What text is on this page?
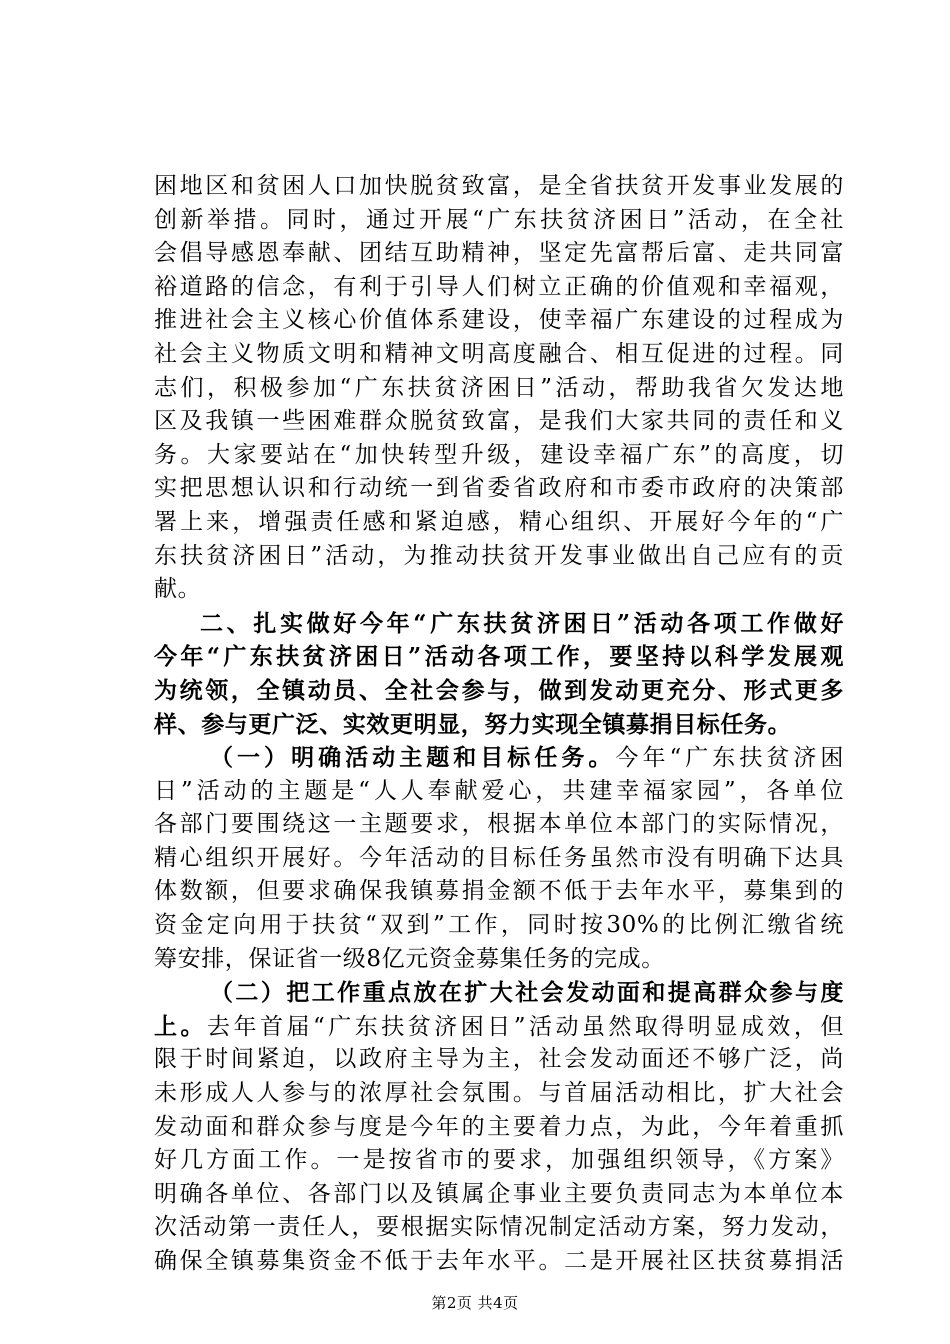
困地区和贫困人口加快脱贫致富，是全省扶贫开发事业发展的
创新举措。同时，通过开展“广东扶贫济困日”活动，在全社
会倡导感恩奉献、团结互助精神，坚定先富帮后富、走共同富
裕道路的信念，有利于引导人们树立正确的价值观和幸福观，
推进社会主义核心价值体系建设，使幸福广东建设的过程成为
社会主义物质文明和精神文明高度融合、相互促进的过程。同
志们，积极参加“广东扶贫济困日”活动，帮助我省欠发达地
区及我镇一些困难群众脱贫致富，是我们大家共同的责任和义
务。大家要站在“加快转型升级，建设幸福广东”的高度，切
实把思想认识和行动统一到省委省政府和市委市政府的决策部
署上来，增强责任感和紧迫感，精心组织、开展好今年的“广
东扶贫济困日”活动，为推动扶贫开发事业做出自己应有的贡
献。
二、扎实做好今年“广东扶贫济困日”活动各项工作做好
今年“广东扶贫济困日”活动各项工作，要坚持以科学发展观
为统领，全镇动员、全社会参与，做到发动更充分、形式更多
样、参与更广泛、实效更明显，努力实现全镇募捐目标任务。
（一）明确活动主题和目标任务。今年“广东扶贫济困
日”活动的主题是“人人奉献爱心，共建幸福家园”，各单位
各部门要围绕这一主题要求，根据本单位本部门的实际情况，
精心组织开展好。今年活动的目标任务虽然市没有明确下达具
体数额，但要求确保我镇募捐金额不低于去年水平，募集到的
资金定向用于扶贫“双到”工作，同时按30%的比例汇缴省统
筹安排，保证省一级8亿元资金募集任务的完成。
（二）把工作重点放在扩大社会发动面和提高群众参与度
上。去年首届“广东扶贫济困日”活动虽然取得明显成效，但
限于时间紧迫，以政府主导为主，社会发动面还不够广泛，尚
未形成人人参与的浓厚社会氛围。与首届活动相比，扩大社会
发动面和群众参与度是今年的主要着力点，为此，今年着重抓
好几方面工作。一是按省市的要求，加强组织领导，《方案》
明确各单位、各部门以及镇属企事业主要负责同志为本单位本
次活动第一责任人，要根据实际情况制定活动方案，努力发动，
确保全镇募集资金不低于去年水平。二是开展社区扶贫募捐活
第2页 共4页
